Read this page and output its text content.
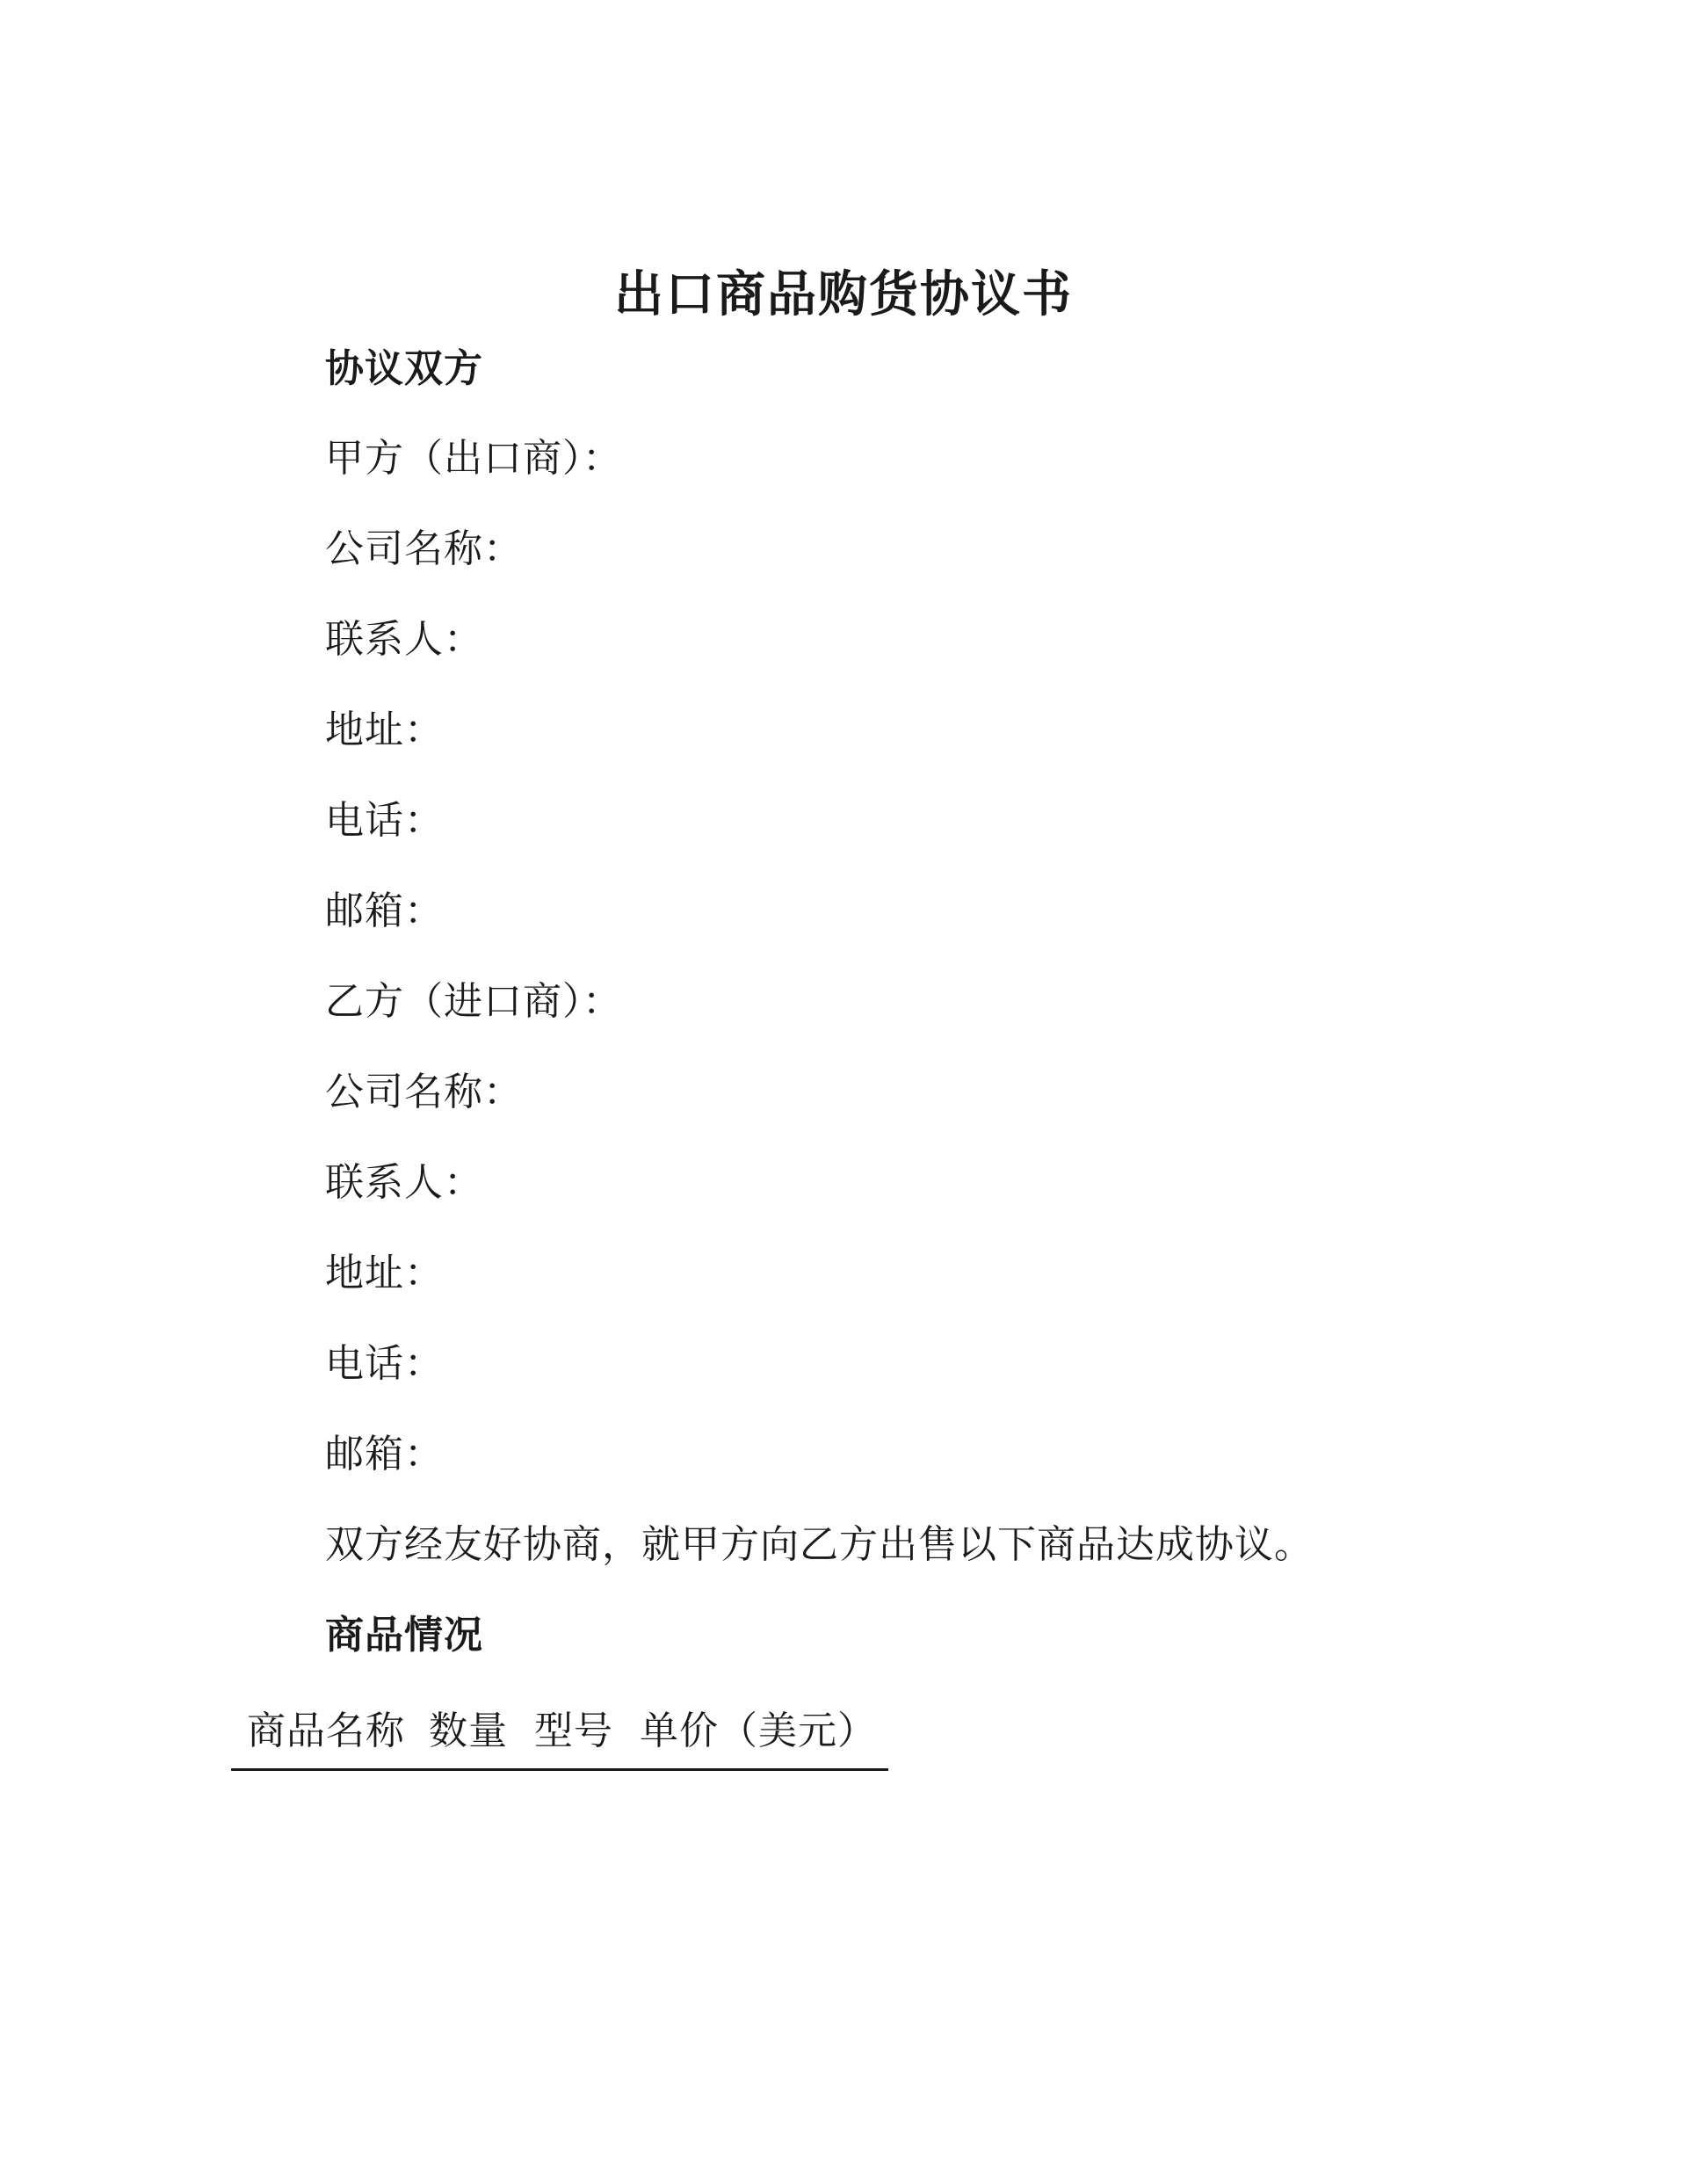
出口商品购货协议书
协议双方
甲方（出口商）：
公司名称：
联系人：
地址：
电话：
邮箱：
乙方（进口商）：
公司名称：
联系人：
地址：
电话：
邮箱：
双方经友好协商，就甲方向乙方出售以下商品达成协议。
商品情况
商品名称 数量 型号 单价（美元）
